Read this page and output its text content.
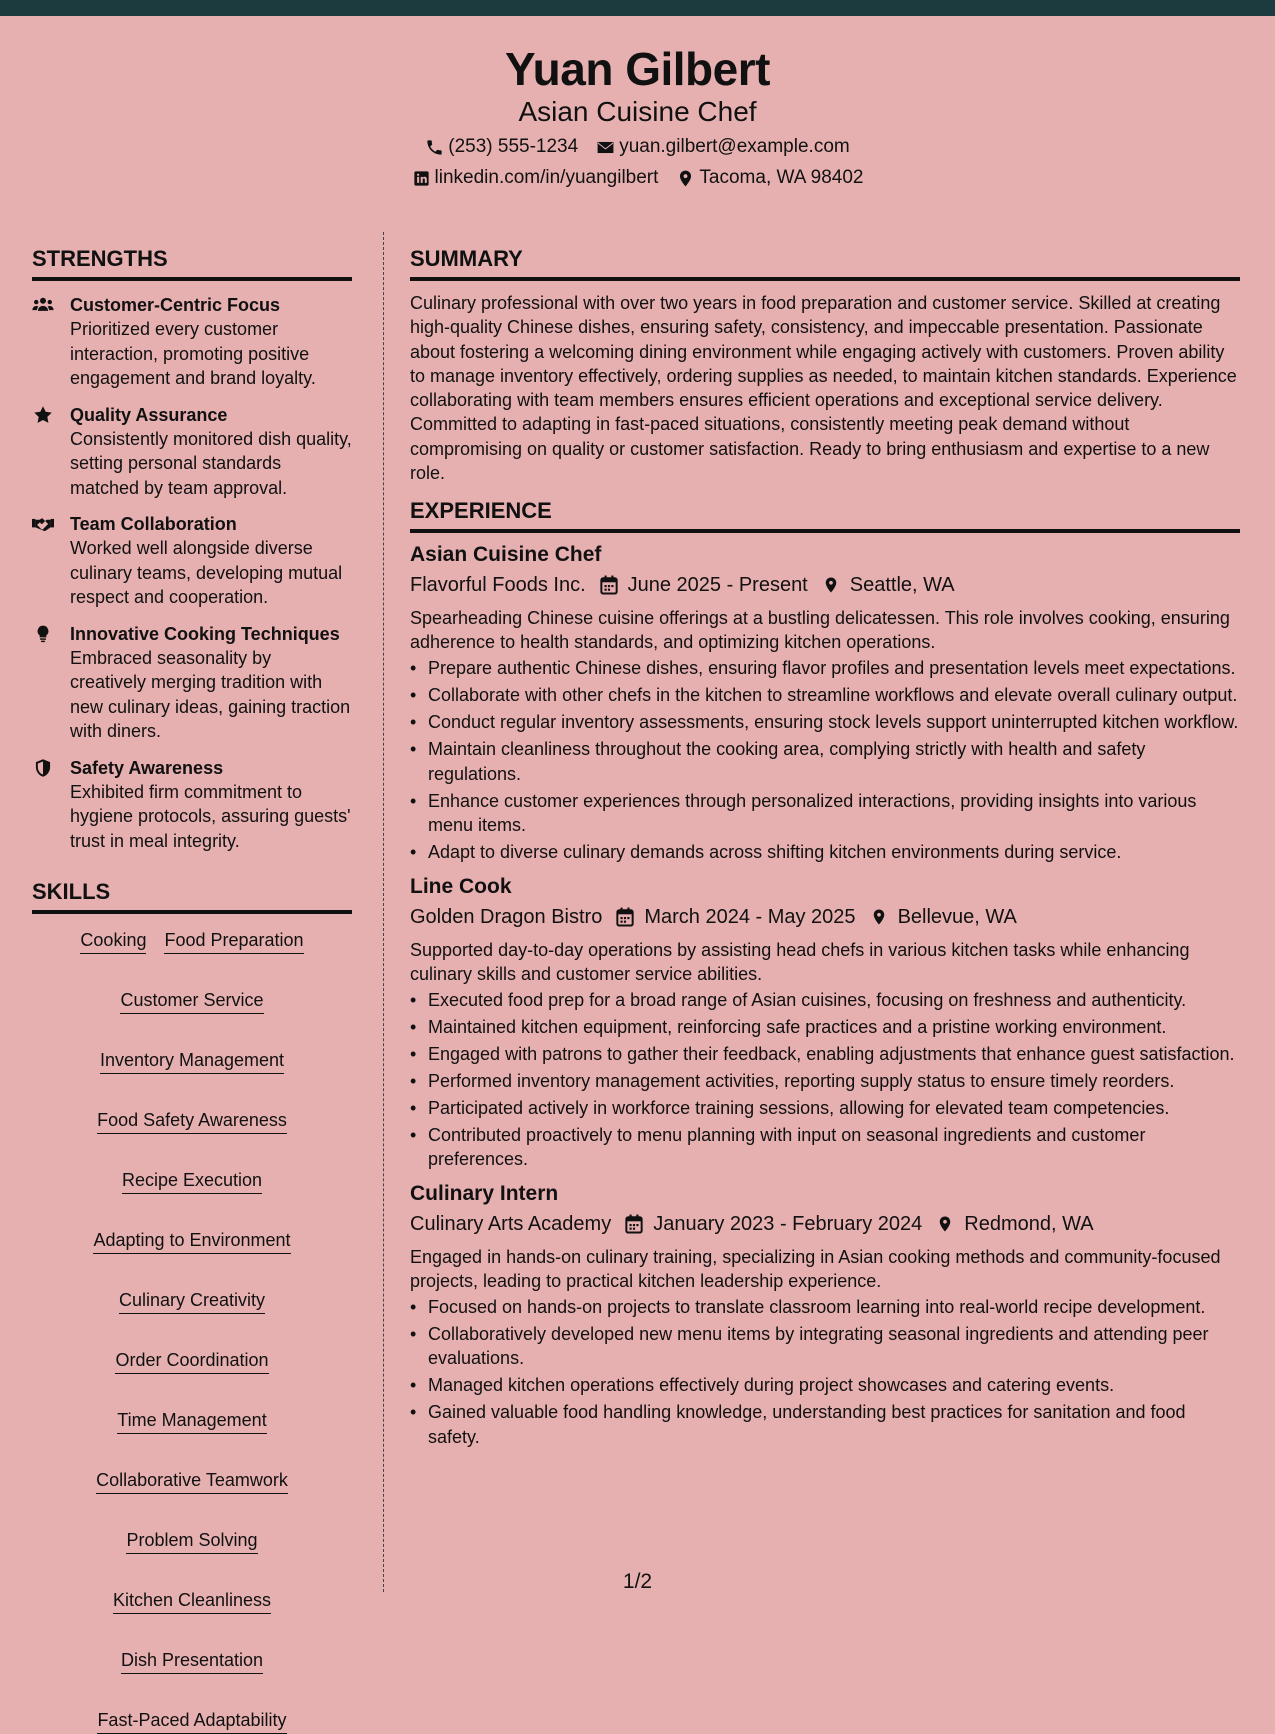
Yuan Gilbert
Asian Cuisine Chef
(253) 555-1234 yuan.gilbert@example.com
linkedin.com/in/yuangilbert Tacoma, WA 98402
STRENGTHS
Customer-Centric Focus
Prioritized every customer interaction, promoting positive engagement and brand loyalty.
Quality Assurance
Consistently monitored dish quality, setting personal standards matched by team approval.
Team Collaboration
Worked well alongside diverse culinary teams, developing mutual respect and cooperation.
Innovative Cooking Techniques
Embraced seasonality by creatively merging tradition with new culinary ideas, gaining traction with diners.
Safety Awareness
Exhibited firm commitment to hygiene protocols, assuring guests' trust in meal integrity.
SKILLS
Cooking Food Preparation
Customer Service
Inventory Management
Food Safety Awareness
Recipe Execution
Adapting to Environment
Culinary Creativity
Order Coordination
Time Management
Collaborative Teamwork
Problem Solving
Kitchen Cleanliness
Dish Presentation
Fast-Paced Adaptability
SUMMARY
Culinary professional with over two years in food preparation and customer service. Skilled at creating high-quality Chinese dishes, ensuring safety, consistency, and impeccable presentation. Passionate about fostering a welcoming dining environment while engaging actively with customers. Proven ability to manage inventory effectively, ordering supplies as needed, to maintain kitchen standards. Experience collaborating with team members ensures efficient operations and exceptional service delivery. Committed to adapting in fast-paced situations, consistently meeting peak demand without compromising on quality or customer satisfaction. Ready to bring enthusiasm and expertise to a new role.
EXPERIENCE
Asian Cuisine Chef
Flavorful Foods Inc. June 2025 - Present Seattle, WA
Spearheading Chinese cuisine offerings at a bustling delicatessen. This role involves cooking, ensuring adherence to health standards, and optimizing kitchen operations.
• Prepare authentic Chinese dishes, ensuring flavor profiles and presentation levels meet expectations.
• Collaborate with other chefs in the kitchen to streamline workflows and elevate overall culinary output.
• Conduct regular inventory assessments, ensuring stock levels support uninterrupted kitchen workflow.
• Maintain cleanliness throughout the cooking area, complying strictly with health and safety regulations.
• Enhance customer experiences through personalized interactions, providing insights into various menu items.
• Adapt to diverse culinary demands across shifting kitchen environments during service.
Line Cook
Golden Dragon Bistro March 2024 - May 2025 Bellevue, WA
Supported day-to-day operations by assisting head chefs in various kitchen tasks while enhancing culinary skills and customer service abilities.
• Executed food prep for a broad range of Asian cuisines, focusing on freshness and authenticity.
• Maintained kitchen equipment, reinforcing safe practices and a pristine working environment.
• Engaged with patrons to gather their feedback, enabling adjustments that enhance guest satisfaction.
• Performed inventory management activities, reporting supply status to ensure timely reorders.
• Participated actively in workforce training sessions, allowing for elevated team competencies.
• Contributed proactively to menu planning with input on seasonal ingredients and customer preferences.
Culinary Intern
Culinary Arts Academy January 2023 - February 2024 Redmond, WA
Engaged in hands-on culinary training, specializing in Asian cooking methods and community-focused projects, leading to practical kitchen leadership experience.
• Focused on hands-on projects to translate classroom learning into real-world recipe development.
• Collaboratively developed new menu items by integrating seasonal ingredients and attending peer evaluations.
• Managed kitchen operations effectively during project showcases and catering events.
• Gained valuable food handling knowledge, understanding best practices for sanitation and food safety.
1/2
